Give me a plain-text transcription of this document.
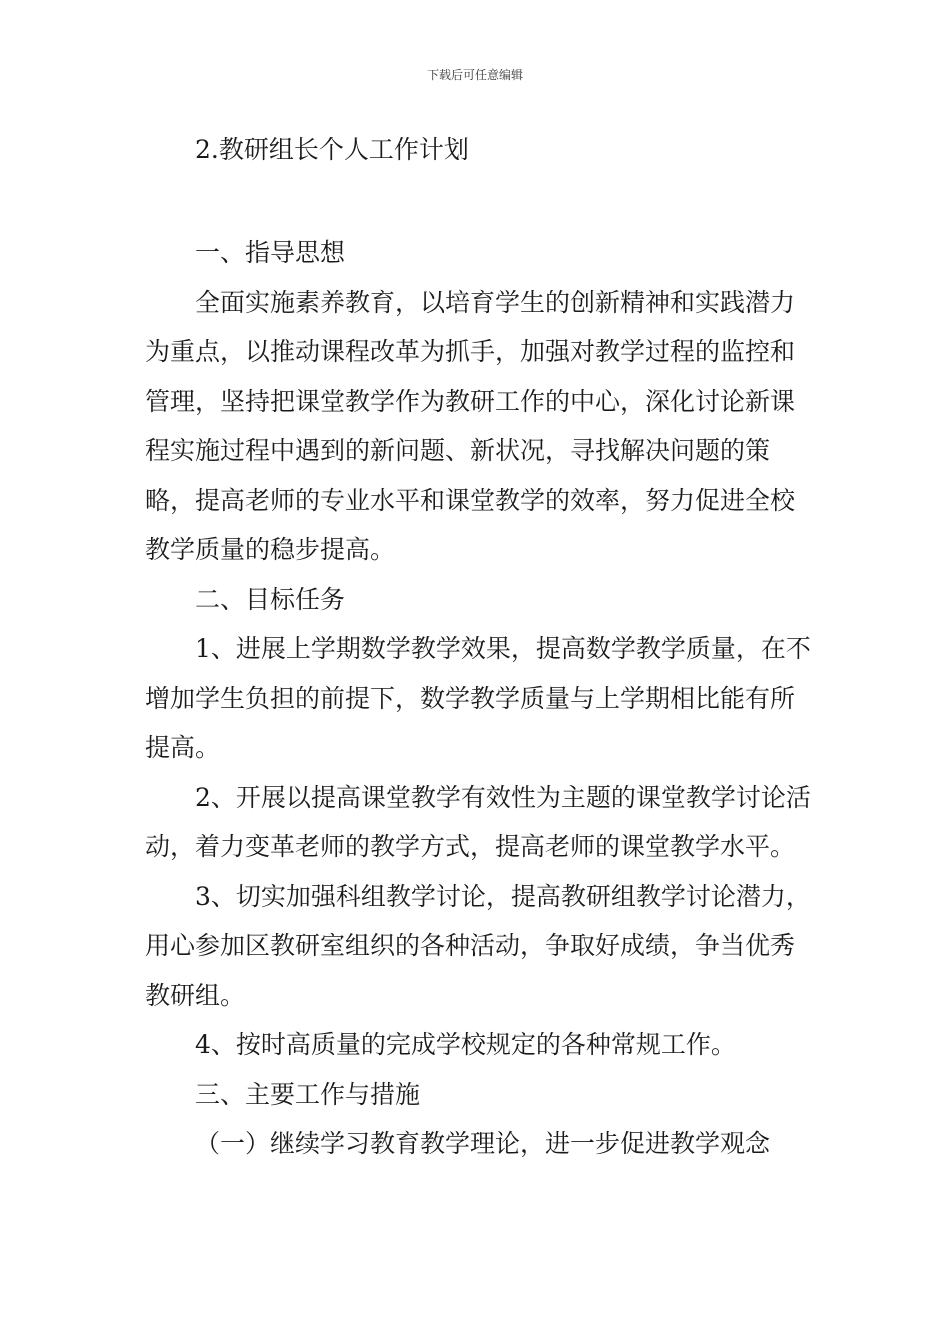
下载后可任意编辑
2.教研组长个人工作计划

一、指导思想

全面实施素养教育，以培育学生的创新精神和实践潜力为重点，以推动课程改革为抓手，加强对教学过程的监控和管理，坚持把课堂教学作为教研工作的中心，深化讨论新课程实施过程中遇到的新问题、新状况，寻找解决问题的策略，提高老师的专业水平和课堂教学的效率，努力促进全校教学质量的稳步提高。

二、目标任务

1、进展上学期数学教学效果，提高数学教学质量，在不增加学生负担的前提下，数学教学质量与上学期相比能有所提高。

2、开展以提高课堂教学有效性为主题的课堂教学讨论活动，着力变革老师的教学方式，提高老师的课堂教学水平。

3、切实加强科组教学讨论，提高教研组教学讨论潜力，用心参加区教研室组织的各种活动，争取好成绩，争当优秀教研组。

4、按时高质量的完成学校规定的各种常规工作。

三、主要工作与措施

（一）继续学习教育教学理论，进一步促进教学观念
